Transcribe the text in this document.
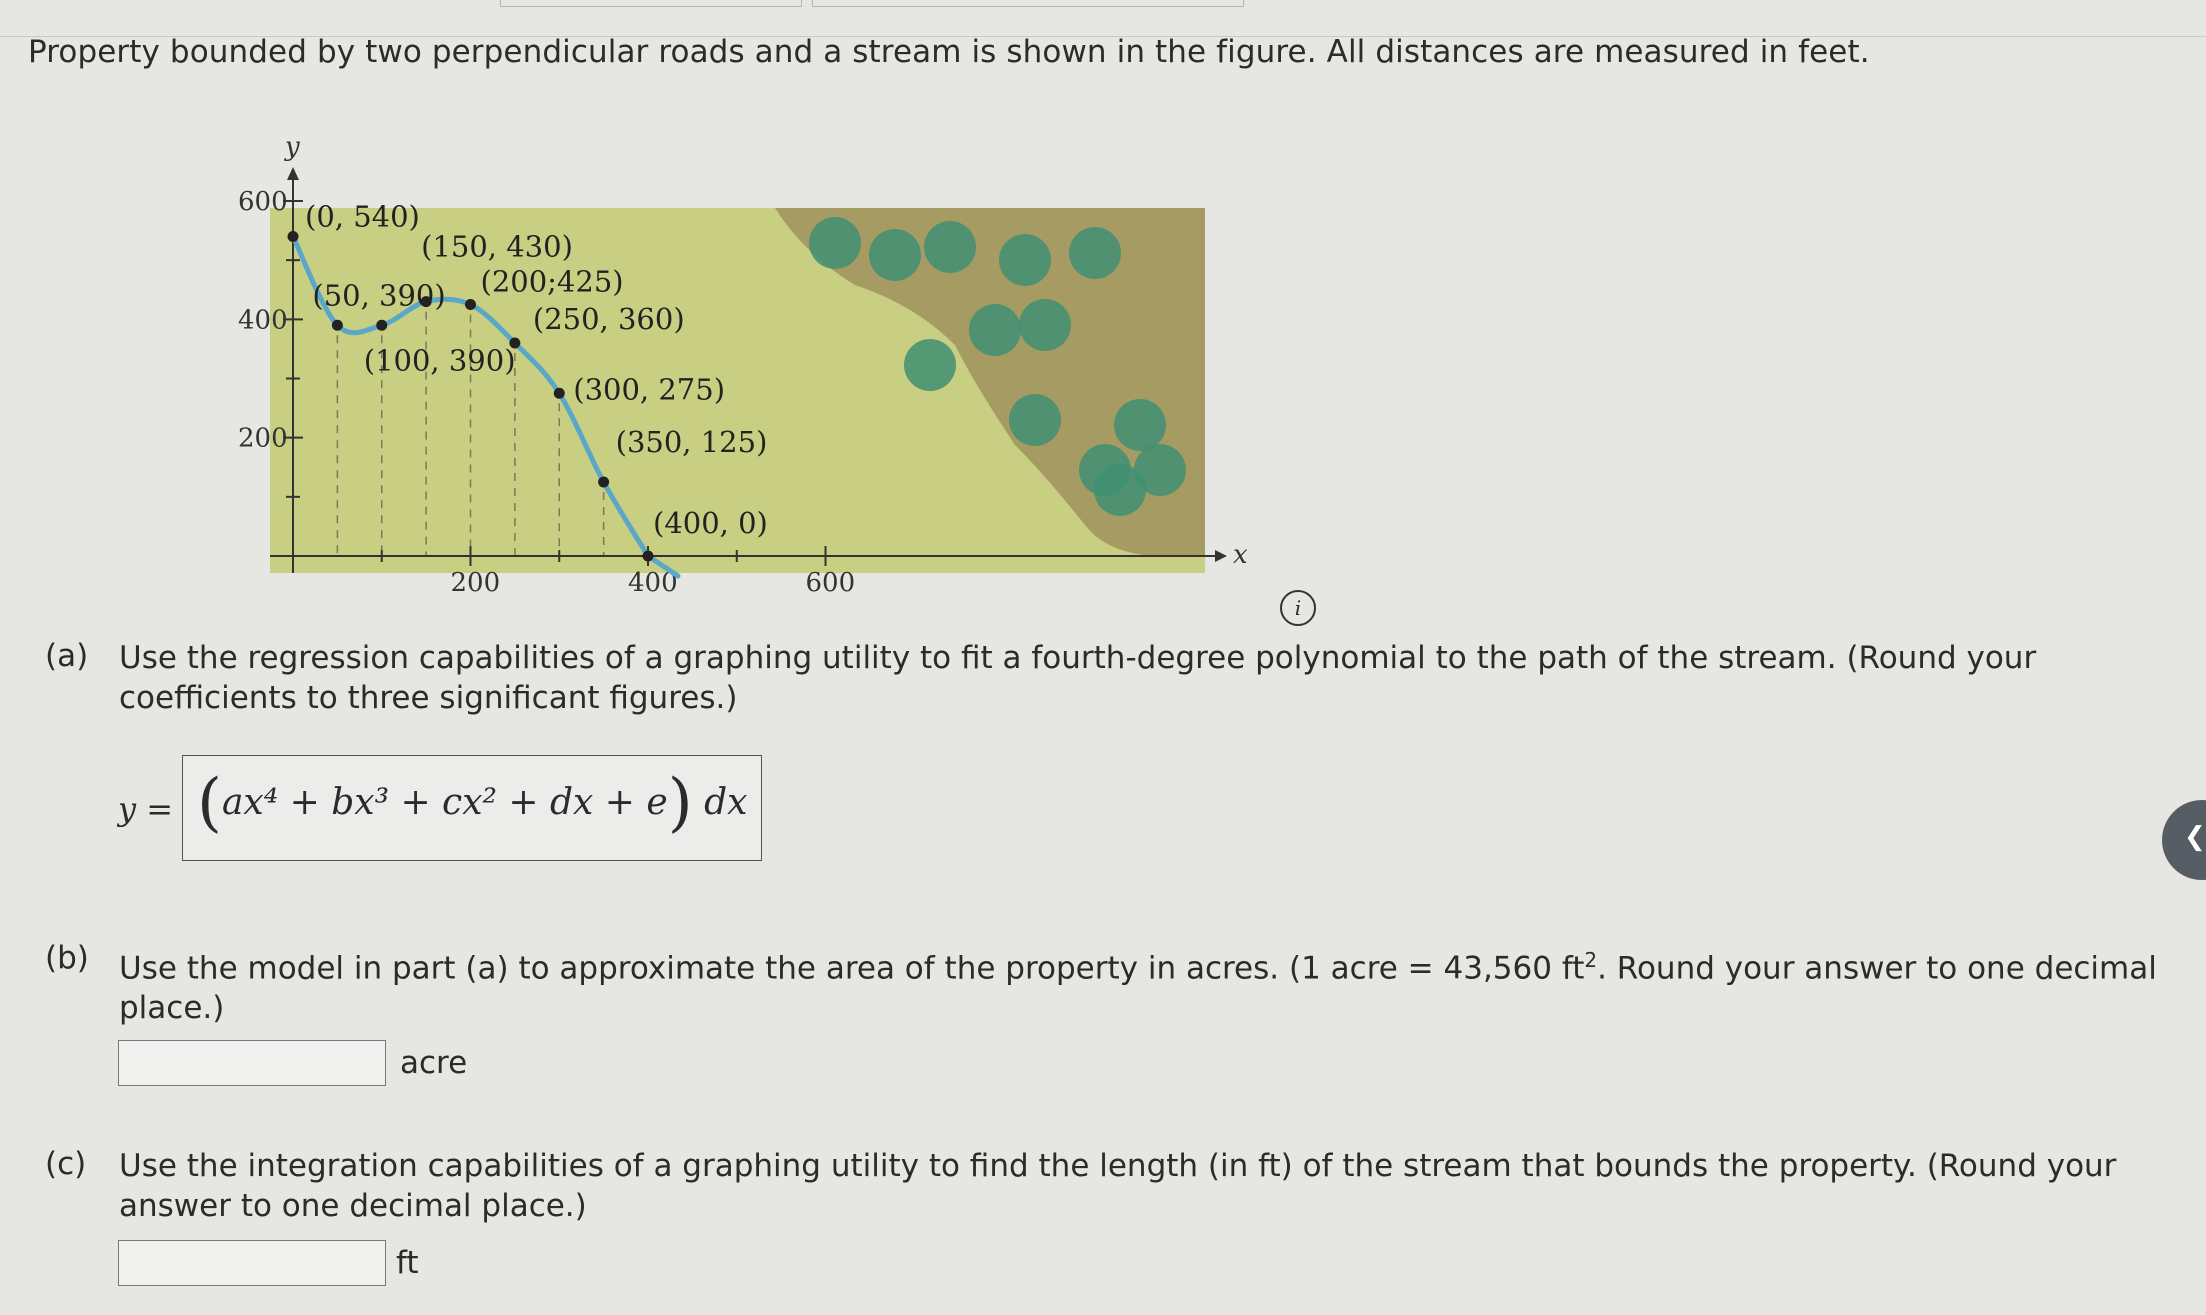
Property bounded by two perpendicular roads and a stream is shown in the figure. All distances are measured in feet.
200	400	600
600
400
200
x
y
(0, 540)
(50, 390)
(100, 390)
(150, 430)
(200;425)
(250, 360)
(300, 275)
(350, 125)
(400, 0)
i
(a) Use the regression capabilities of a graphing utility to fit a fourth-degree polynomial to the path of the stream. (Round your coefficients to three significant figures.)
y = (ax⁴ + bx³ + cx² + dx + e) dx
(b) Use the model in part (a) to approximate the area of the property in acres. (1 acre = 43,560 $ft^2$. Round your answer to one decimal place.)
acre
(c) Use the integration capabilities of a graphing utility to find the length (in ft) of the stream that bounds the property. (Round your answer to one decimal place.)
ft
❮
